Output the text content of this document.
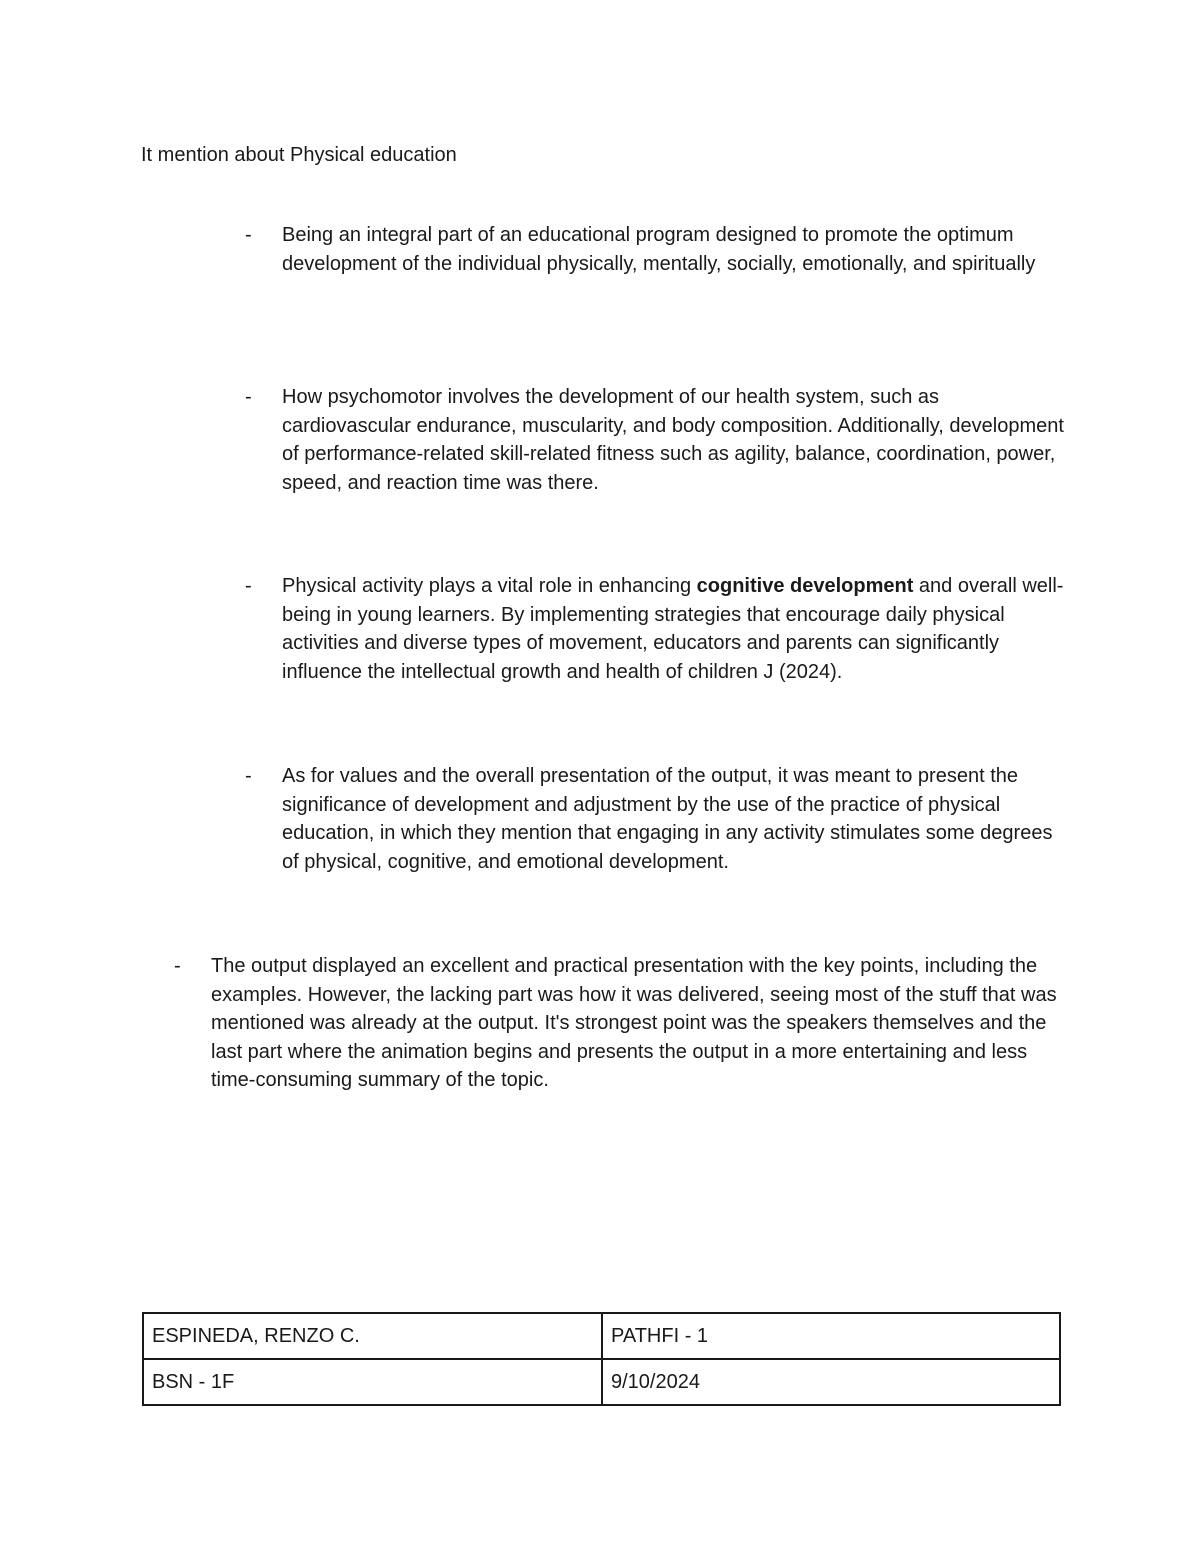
It mention about Physical education

- Being an integral part of an educational program designed to promote the optimum development of the individual physically, mentally, socially, emotionally, and spiritually
- How psychomotor involves the development of our health system, such as cardiovascular endurance, muscularity, and body composition. Additionally, development of performance-related skill-related fitness such as agility, balance, coordination, power, speed, and reaction time was there.
- Physical activity plays a vital role in enhancing cognitive development and overall well-being in young learners. By implementing strategies that encourage daily physical activities and diverse types of movement, educators and parents can significantly influence the intellectual growth and health of children J (2024).
- As for values and the overall presentation of the output, it was meant to present the significance of development and adjustment by the use of the practice of physical education, in which they mention that engaging in any activity stimulates some degrees of physical, cognitive, and emotional development.
- The output displayed an excellent and practical presentation with the key points, including the examples. However, the lacking part was how it was delivered, seeing most of the stuff that was mentioned was already at the output. It's strongest point was the speakers themselves and the last part where the animation begins and presents the output in a more entertaining and less time-consuming summary of the topic.
ESPINEDA, RENZO C.	PATHFI - 1
BSN - 1F	9/10/2024
